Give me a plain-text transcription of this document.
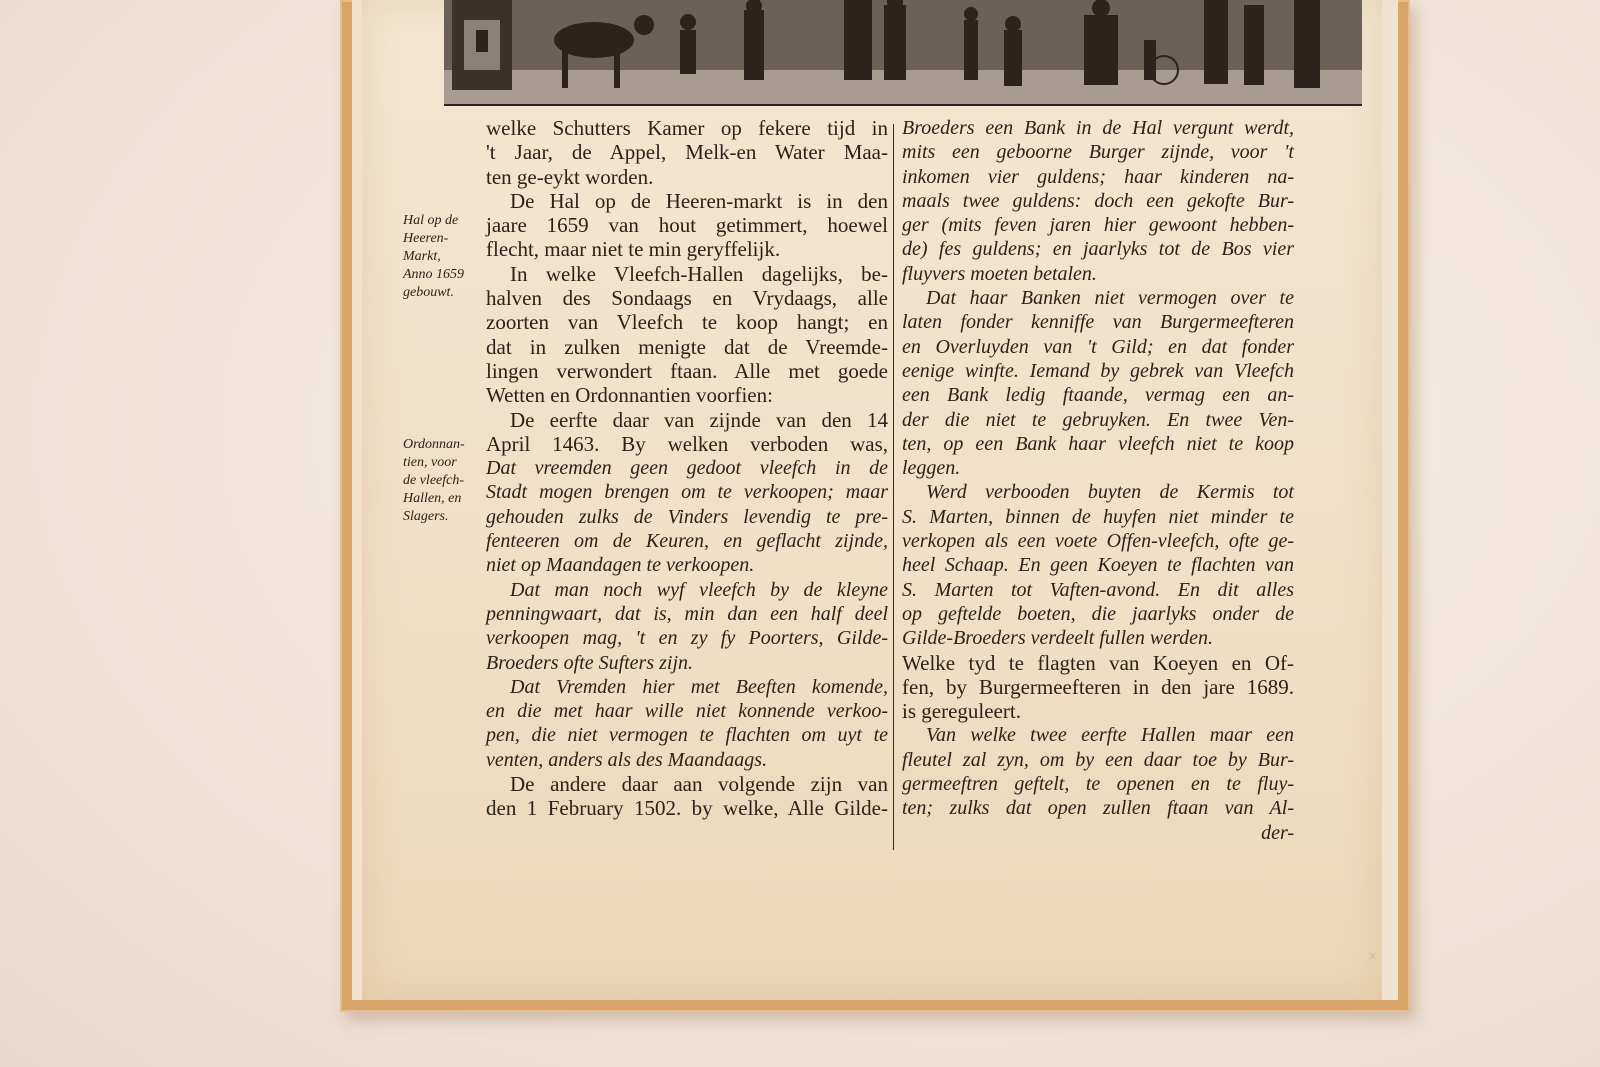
Hal op de
Heeren-
Markt,
Anno 1659
gebouwt.
Ordonnan-
tien, voor
de vleefch-
Hallen, en
Slagers.
welke Schutters Kamer op fekere tijd in
't Jaar, de Appel, Melk-en Water Maa-
ten ge-eykt worden.
De Hal op de Heeren-markt is in den
jaare 1659 van hout getimmert, hoewel
flecht, maar niet te min geryffelijk.
In welke Vleefch-Hallen dagelijks, be-
halven des Sondaags en Vrydaags, alle
zoorten van Vleefch te koop hangt; en
dat in zulken menigte dat de Vreemde-
lingen verwondert ftaan. Alle met goede
Wetten en Ordonnantien voorfien:
De eerfte daar van zijnde van den 14
April 1463. By welken verboden was,
Dat vreemden geen gedoot vleefch in de
Stadt mogen brengen om te verkoopen; maar
gehouden zulks de Vinders levendig te pre-
fenteeren om de Keuren, en geflacht zijnde,
niet op Maandagen te verkoopen.
Dat man noch wyf vleefch by de kleyne
penningwaart, dat is, min dan een half deel
verkoopen mag, 't en zy fy Poorters, Gilde-
Broeders ofte Sufters zijn.
Dat Vremden hier met Beeften komende,
en die met haar wille niet konnende verkoo-
pen, die niet vermogen te flachten om uyt te
venten, anders als des Maandaags.
De andere daar aan volgende zijn van
den 1 February 1502. by welke, Alle Gilde-
Broeders een Bank in de Hal vergunt werdt,
mits een geboorne Burger zijnde, voor 't
inkomen vier guldens; haar kinderen na-
maals twee guldens: doch een gekofte Bur-
ger (mits feven jaren hier gewoont hebben-
de) fes guldens; en jaarlyks tot de Bos vier
fluyvers moeten betalen.
Dat haar Banken niet vermogen over te
laten fonder kenniffe van Burgermeefteren
en Overluyden van 't Gild; en dat fonder
eenige winfte. Iemand by gebrek van Vleefch
een Bank ledig ftaande, vermag een an-
der die niet te gebruyken. En twee Ven-
ten, op een Bank haar vleefch niet te koop
leggen.
Werd verbooden buyten de Kermis tot
S. Marten, binnen de huyfen niet minder te
verkopen als een voete Offen-vleefch, ofte ge-
heel Schaap. En geen Koeyen te flachten van
S. Marten tot Vaften-avond. En dit alles
op geftelde boeten, die jaarlyks onder de
Gilde-Broeders verdeelt fullen werden.
Welke tyd te flagten van Koeyen en Of-
fen, by Burgermeefteren in den jare 1689.
is gereguleert.
Van welke twee eerfte Hallen maar een
fleutel zal zyn, om by een daar toe by Bur-
germeeftren geftelt, te openen en te fluy-
ten; zulks dat open zullen ftaan van Al-
der-
×
